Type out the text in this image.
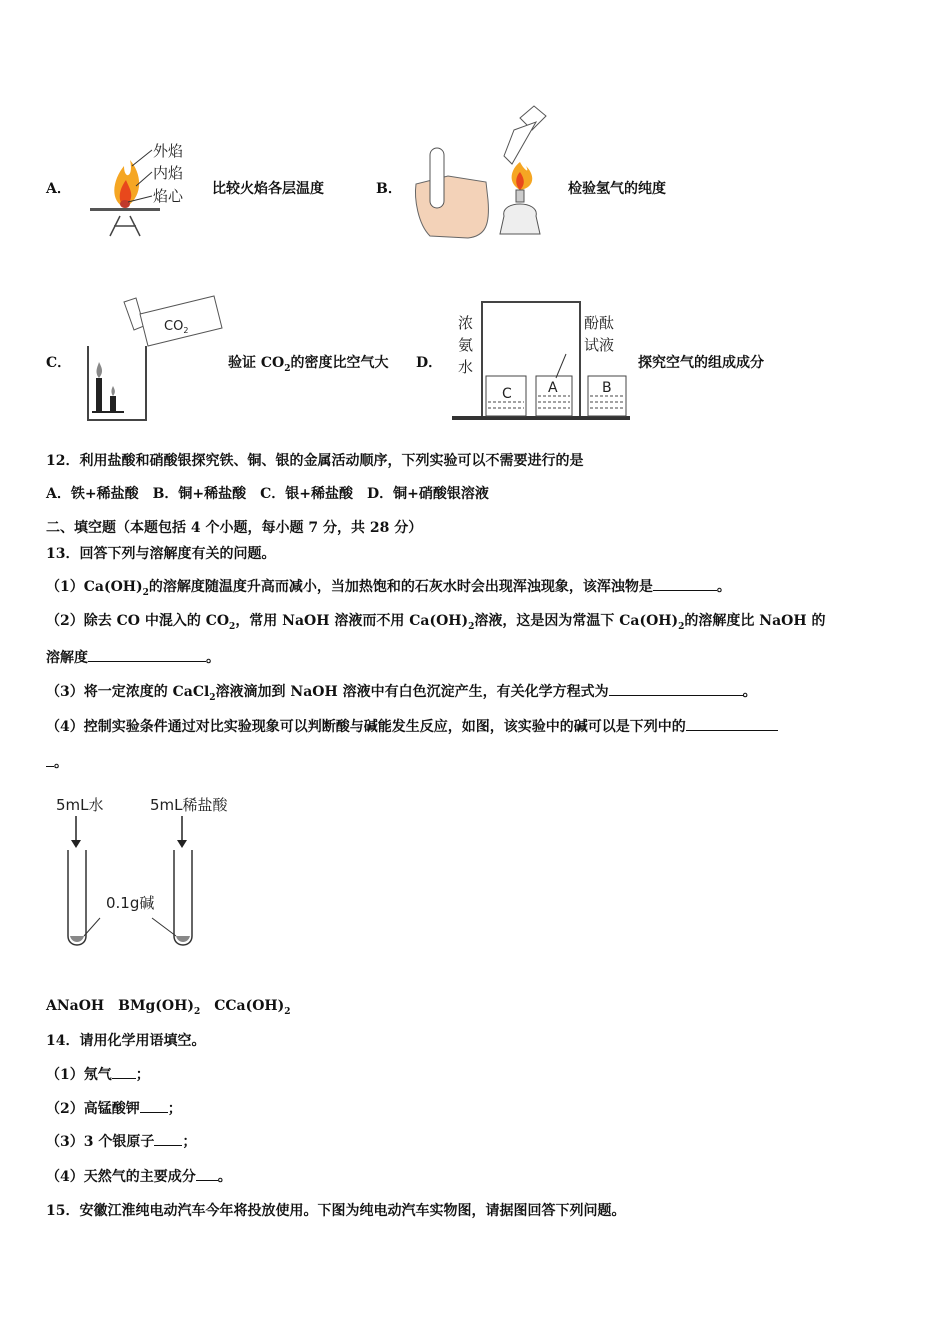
A．
外焰
内焰
焰心 比较火焰各层温度	B．	检验氢气的纯度
C．
$CO_2$
验证 $CO_2$的密度比空气大 D．
C	A	B
浓
氨
水
酚酞
试液
探究空气的组成成分
12．利用盐酸和硝酸银探究铁、铜、银的金属活动顺序，下列实验可以不需要进行的是
A．铁+稀盐酸　B．铜+稀盐酸　C．银+稀盐酸　D．铜+硝酸银溶液
二、填空题（本题包括 4 个小题，每小题 7 分，共 28 分）
13．回答下列与溶解度有关的问题。
$(1)Ca(OH)_2$的溶解度随温度升高而减小，当加热饱和的石灰水时会出现浑浊现象，该浑浊物是	。
（2）除去 CO 中混入的 $CO_2$，常用 NaOH 溶液而不用 $Ca(OH)_2$溶液，这是因为常温下 $Ca(OH)_2$的溶解度比 NaOH 的
溶解度	。
（3）将一定浓度的 CaCl$_2$溶液滴加到 NaOH 溶液中有白色沉淀产生，有关化学方程式为	。
（4）控制实验条件通过对比实验现象可以判断酸与碱能发生反应，如图，该实验中的碱可以是下列中的
。
5mL水	5mL稀盐酸
0.1g碱
ANaOH　$BMg(OH)_2$　$CCa(OH)_2$
14．请用化学用语填空。
（1）氖气 ；
（2）高锰酸钾 ；
（3）3 个银原子 ；
（4）天然气的主要成分 。
15．安徽江淮纯电动汽车今年将投放使用。下图为纯电动汽车实物图，请据图回答下列问题。
